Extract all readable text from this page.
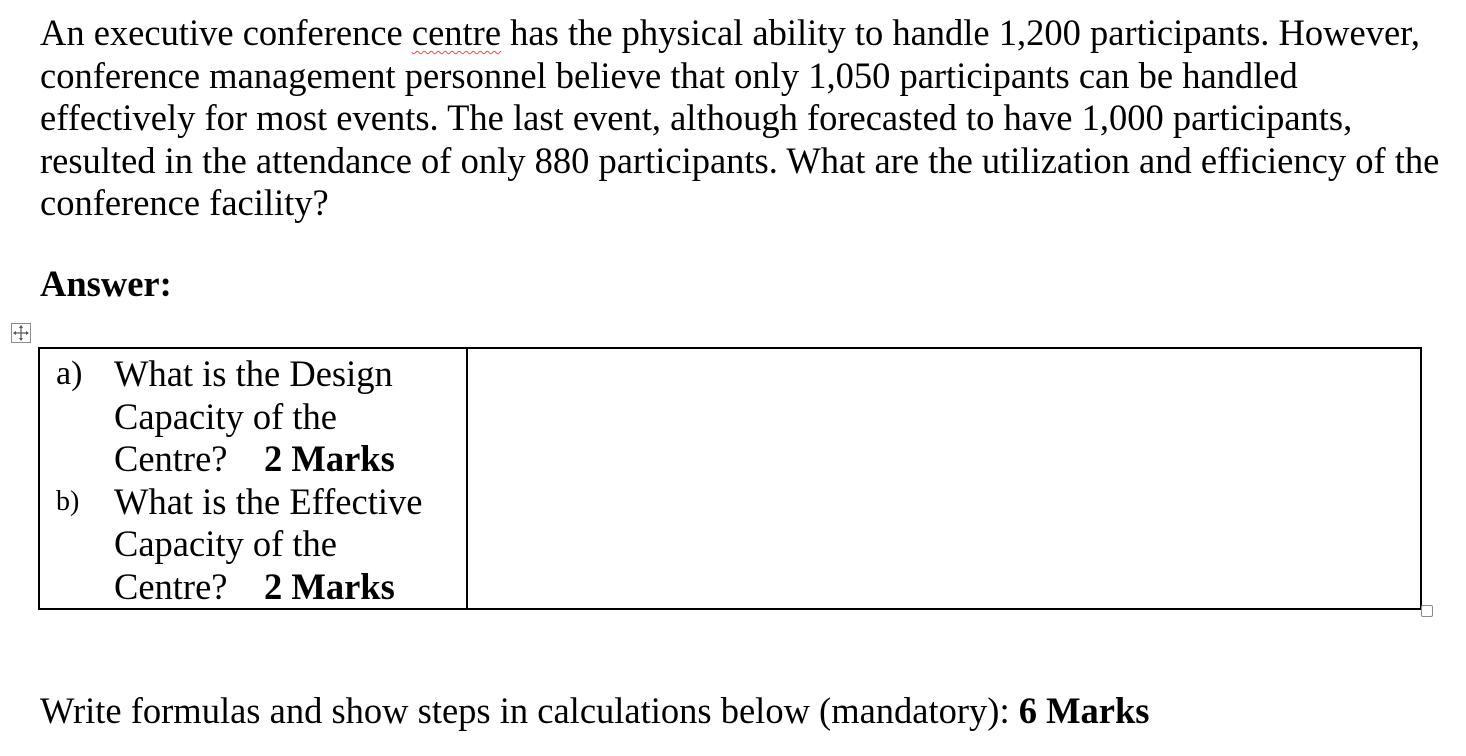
An executive conference centre has the physical ability to handle 1,200 participants. However, conference management personnel believe that only 1,050 participants can be handled effectively for most events. The last event, although forecasted to have 1,000 participants, resulted in the attendance of only 880 participants. What are the utilization and efficiency of the conference facility?

Answer:

a) What is the Design Capacity of the Centre? 2 Marks
b) What is the Effective Capacity of the Centre? 2 Marks

Write formulas and show steps in calculations below (mandatory): 6 Marks
